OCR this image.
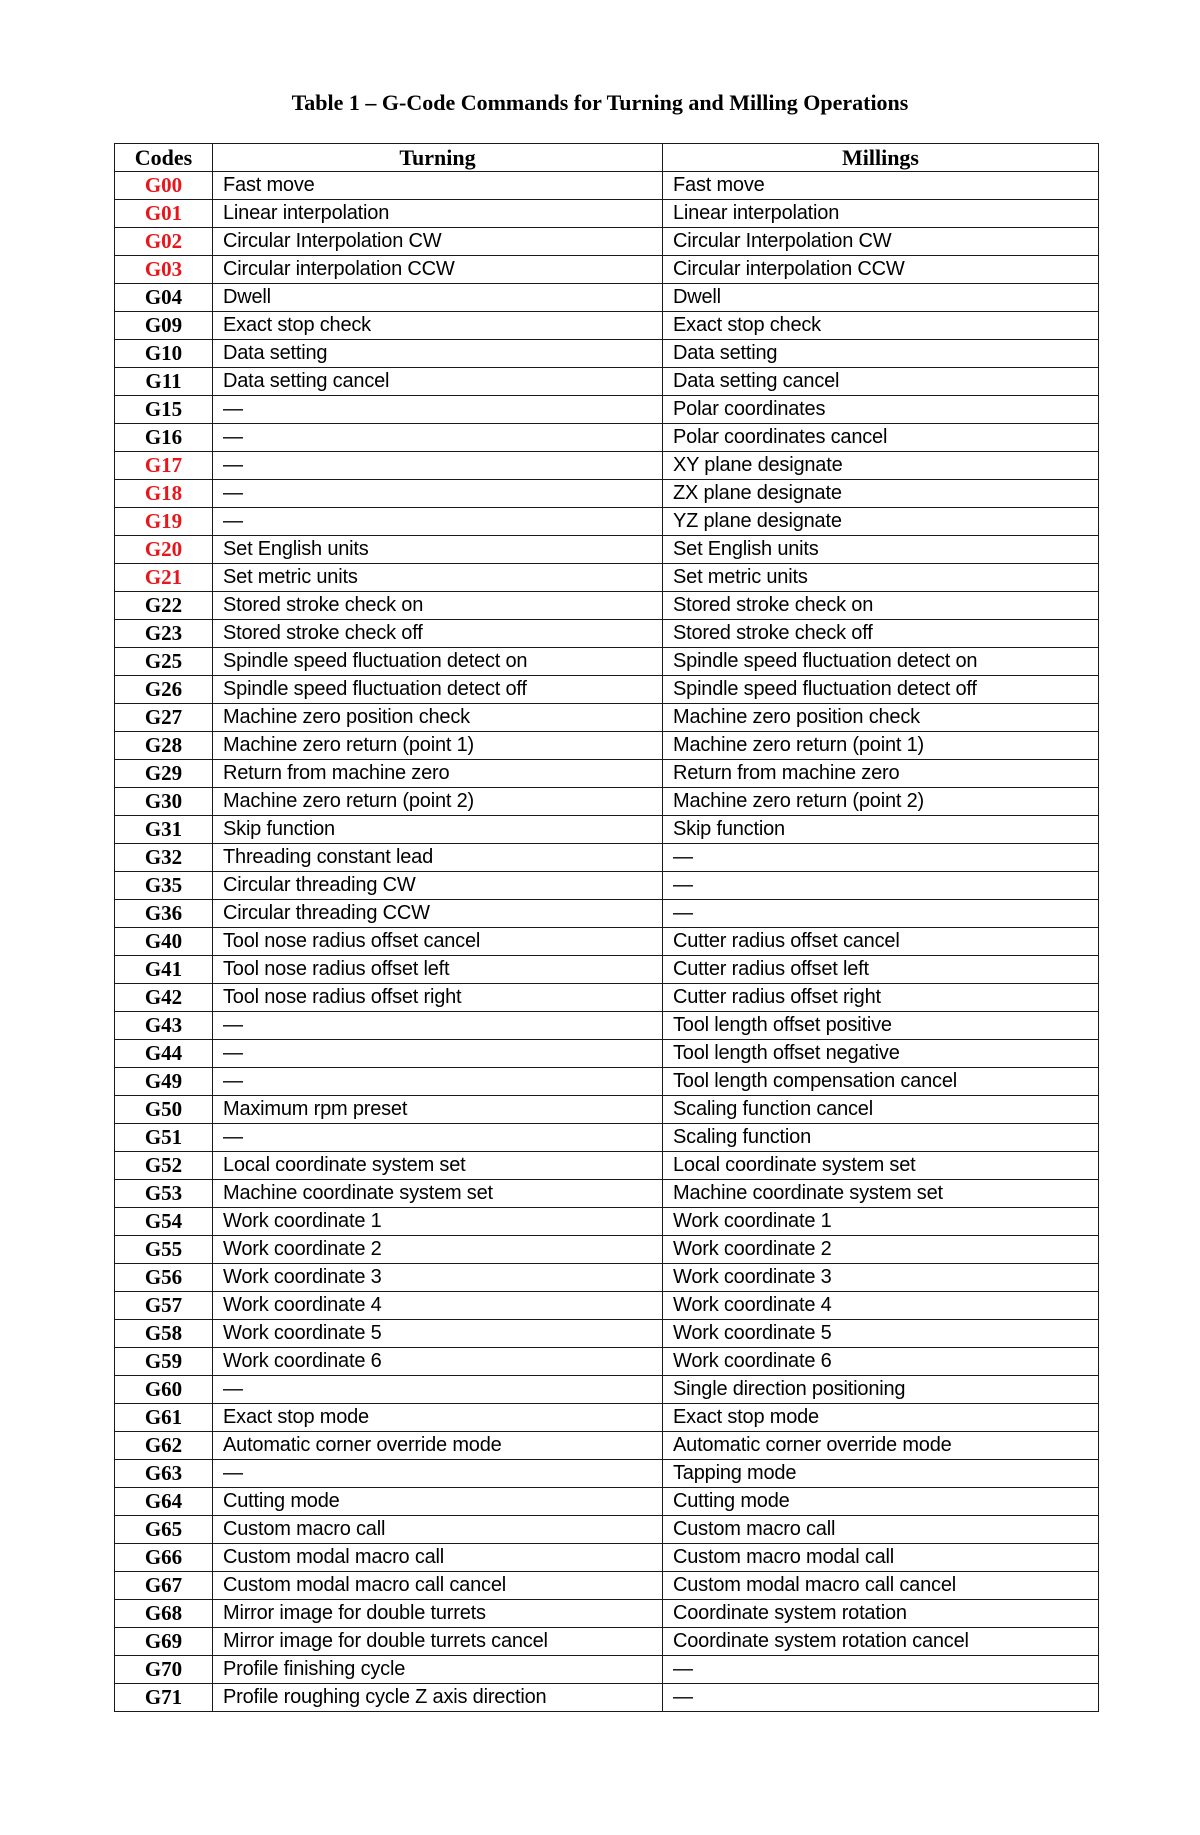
Table 1 – G-Code Commands for Turning and Milling Operations
Codes	Turning	Millings
G00	Fast move	Fast move
G01	Linear interpolation	Linear interpolation
G02	Circular Interpolation CW	Circular Interpolation CW
G03	Circular interpolation CCW	Circular interpolation CCW
G04	Dwell	Dwell
G09	Exact stop check	Exact stop check
G10	Data setting	Data setting
G11	Data setting cancel	Data setting cancel
G15	—	Polar coordinates
G16	—	Polar coordinates cancel
G17	—	XY plane designate
G18	—	ZX plane designate
G19	—	YZ plane designate
G20	Set English units	Set English units
G21	Set metric units	Set metric units
G22	Stored stroke check on	Stored stroke check on
G23	Stored stroke check off	Stored stroke check off
G25	Spindle speed fluctuation detect on	Spindle speed fluctuation detect on
G26	Spindle speed fluctuation detect off	Spindle speed fluctuation detect off
G27	Machine zero position check	Machine zero position check
G28	Machine zero return (point 1)	Machine zero return (point 1)
G29	Return from machine zero	Return from machine zero
G30	Machine zero return (point 2)	Machine zero return (point 2)
G31	Skip function	Skip function
G32	Threading constant lead	—
G35	Circular threading CW	—
G36	Circular threading CCW	—
G40	Tool nose radius offset cancel	Cutter radius offset cancel
G41	Tool nose radius offset left	Cutter radius offset left
G42	Tool nose radius offset right	Cutter radius offset right
G43	—	Tool length offset positive
G44	—	Tool length offset negative
G49	—	Tool length compensation cancel
G50	Maximum rpm preset	Scaling function cancel
G51	—	Scaling function
G52	Local coordinate system set	Local coordinate system set
G53	Machine coordinate system set	Machine coordinate system set
G54	Work coordinate 1	Work coordinate 1
G55	Work coordinate 2	Work coordinate 2
G56	Work coordinate 3	Work coordinate 3
G57	Work coordinate 4	Work coordinate 4
G58	Work coordinate 5	Work coordinate 5
G59	Work coordinate 6	Work coordinate 6
G60	—	Single direction positioning
G61	Exact stop mode	Exact stop mode
G62	Automatic corner override mode	Automatic corner override mode
G63	—	Tapping mode
G64	Cutting mode	Cutting mode
G65	Custom macro call	Custom macro call
G66	Custom modal macro call	Custom macro modal call
G67	Custom modal macro call cancel	Custom modal macro call cancel
G68	Mirror image for double turrets	Coordinate system rotation
G69	Mirror image for double turrets cancel	Coordinate system rotation cancel
G70	Profile finishing cycle	—
G71	Profile roughing cycle Z axis direction	—
